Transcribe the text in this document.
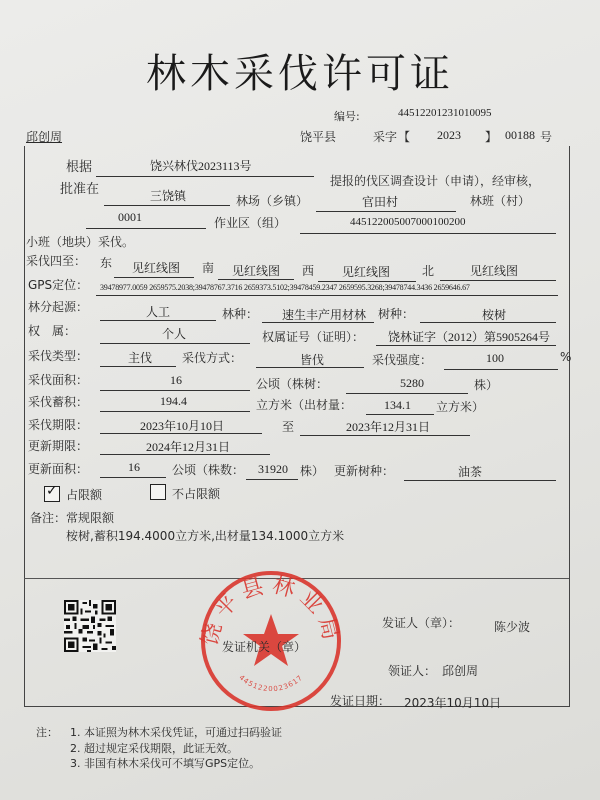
林木采伐许可证
编号:	44512201231010095
邱创周	饶平县	采字 【 2023 】 00188 号
根据	饶兴林伐2023113号
提报的伐区调查设计（申请），经审核，
批准在	三饶镇	林场（乡镇）	官田村	林班（村）
0001	作业区（组）	445122005007000100200
小班（地块）采伐。
采伐四至： 东 见红线图 南 见红线图 西 见红线图	北	见红线图
GPS定位： 39478977.0059 2659575.2038;39478767.3716 2659373.5102;39478459.2347 2659595.3268;39478744.3436 2659646.67
林分起源：	人工	林种： 速生丰产用材林 树种：	桉树
权　属：	个人	权属证号（证明）： 饶林证字（2012）第5905264号
采伐类型：	主伐 采伐方式：	皆伐	采伐强度：	100	%
采伐面积：	16	公顷（株树：	5280	株）
采伐蓄积：	194.4	立方米（出材量：	134.1 立方米）
采伐期限：	2023年10月10日	至	2023年12月31日
更新期限：	2024年12月31日
更新面积：	16	公顷（株数： 31920 株） 更新树种：	油茶
✓ 占限额	不占限额
备注： 常规限额
桉树,蓄积194.4000立方米,出材量134.1000立方米
饶平县林业局
4451220023617
发证人（章）：	陈少波
发证机关（章）
领证人： 邱创周
发证日期： 2023年10月10日
注： 1. 本证照为林木采伐凭证，可通过扫码验证
2. 超过规定采伐期限，此证无效。
3. 非国有林木采伐可不填写GPS定位。
